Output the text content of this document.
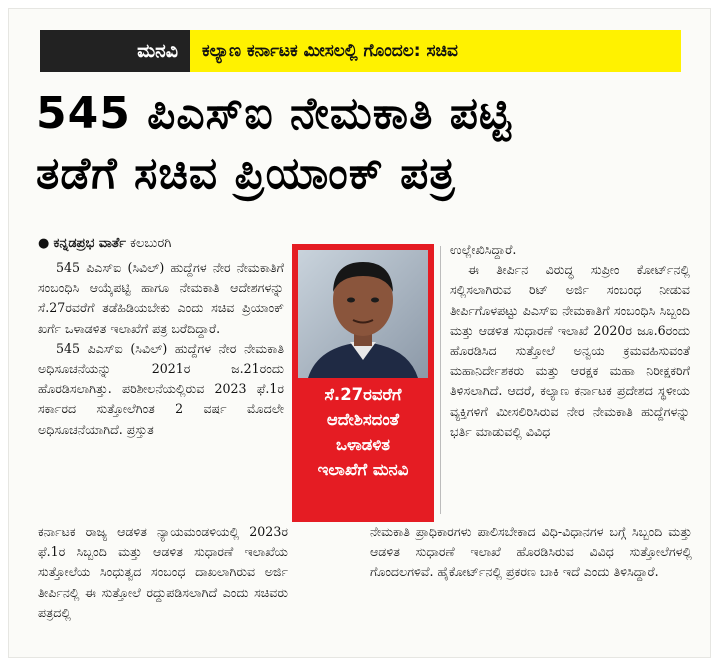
ಮನವಿ	ಕಲ್ಯಾಣ ಕರ್ನಾಟಕ ಮೀಸಲಲ್ಲಿ ಗೊಂದಲ: ಸಚಿವ
545 ಪಿಎಸ್ಐ ನೇಮಕಾತಿ ಪಟ್ಟಿ
ತಡೆಗೆ ಸಚಿವ ಪ್ರಿಯಾಂಕ್ ಪತ್ರ
● ಕನ್ನಡಪ್ರಭ ವಾರ್ತೆ ಕಲಬುರಗಿ

545 ಪಿಎಸ್ಐ (ಸಿವಿಲ್) ಹುದ್ದೆಗಳ ನೇರ ನೇಮಕಾತಿಗೆ ಸಂಬಂಧಿಸಿ ಆಯ್ಕೆಪಟ್ಟಿ ಹಾಗೂ ನೇಮಕಾತಿ ಆದೇಶಗಳನ್ನು ಸೆ.27ರವರೆಗೆ ತಡೆಹಿಡಿಯಬೇಕು ಎಂದು ಸಚಿವ ಪ್ರಿಯಾಂಕ್ ಖರ್ಗೆ ಒಳಾಡಳಿತ ಇಲಾಖೆಗೆ ಪತ್ರ ಬರೆದಿದ್ದಾರೆ.

545 ಪಿಎಸ್ಐ (ಸಿವಿಲ್) ಹುದ್ದೆಗಳ ನೇರ ನೇಮಕಾತಿ ಅಧಿಸೂಚನೆಯನ್ನು 2021ರ ಜ.21ರಂದು ಹೊರಡಿಸಲಾಗಿತ್ತು. ಪರಿಶೀಲನೆಯಲ್ಲಿರುವ 2023 ಫೆ.1ರ ಸರ್ಕಾರದ ಸುತ್ತೋಲೆಗಿಂತ 2 ವರ್ಷ ಮೊದಲೇ ಅಧಿಸೂಚನೆಯಾಗಿದೆ. ಪ್ರಸ್ತುತ

ಕರ್ನಾಟಕ ರಾಜ್ಯ ಆಡಳಿತ ನ್ಯಾಯಮಂಡಳಿಯಲ್ಲಿ 2023ರ ಫೆ.1ರ ಸಿಬ್ಬಂದಿ ಮತ್ತು ಆಡಳಿತ ಸುಧಾರಣೆ ಇಲಾಖೆಯ ಸುತ್ತೋಲೆಯ ಸಿಂಧುತ್ವದ ಸಂಬಂಧ ದಾಖಲಾಗಿರುವ ಅರ್ಜಿ ತೀರ್ಪಿನಲ್ಲಿ ಈ ಸುತ್ತೋಲೆ ರದ್ದುಪಡಿಸಲಾಗಿದೆ ಎಂದು ಸಚಿವರು ಪತ್ರದಲ್ಲಿ

ಸೆ.27ರವರೆಗೆ
ಆದೇಶಿಸದಂತೆ
ಒಳಾಡಳಿತ
ಇಲಾಖೆಗೆ ಮನವಿ

ಉಲ್ಲೇಖಿಸಿದ್ದಾರೆ.

ಈ ತೀರ್ಪಿನ ವಿರುದ್ಧ ಸುಪ್ರೀಂ ಕೋರ್ಟ್‌ನಲ್ಲಿ ಸಲ್ಲಿಸಲಾಗಿರುವ ರಿಟ್ ಅರ್ಜಿ ಸಂಬಂಧ ನೀಡುವ ತೀರ್ಪಿಗೊಳಪಟ್ಟು ಪಿಎಸ್ಐ ನೇಮಕಾತಿಗೆ ಸಂಬಂಧಿಸಿ ಸಿಬ್ಬಂದಿ ಮತ್ತು ಆಡಳಿತ ಸುಧಾರಣೆ ಇಲಾಖೆ 2020ರ ಜೂ.6ರಂದು ಹೊರಡಿಸಿದ ಸುತ್ತೋಲೆ ಅನ್ವಯ ಕ್ರಮವಹಿಸುವಂತೆ ಮಹಾನಿರ್ದೇಶಕರು ಮತ್ತು ಆರಕ್ಷಕ ಮಹಾ ನಿರೀಕ್ಷಕರಿಗೆ ತಿಳಿಸಲಾಗಿದೆ. ಆದರೆ, ಕಲ್ಯಾಣ ಕರ್ನಾಟಕ ಪ್ರದೇಶದ ಸ್ಥಳೀಯ ವ್ಯಕ್ತಿಗಳಿಗೆ ಮೀಸಲಿರಿಸಿರುವ ನೇರ ನೇಮಕಾತಿ ಹುದ್ದೆಗಳನ್ನು ಭರ್ತಿ ಮಾಡುವಲ್ಲಿ ವಿವಿಧ

ನೇಮಕಾತಿ ಪ್ರಾಧಿಕಾರಗಳು ಪಾಲಿಸಬೇಕಾದ ವಿಧಿ-ವಿಧಾನಗಳ ಬಗ್ಗೆ ಸಿಬ್ಬಂದಿ ಮತ್ತು ಆಡಳಿತ ಸುಧಾರಣೆ ಇಲಾಖೆ ಹೊರಡಿಸಿರುವ ವಿವಿಧ ಸುತ್ತೋಲೆಗಳಲ್ಲಿ ಗೊಂದಲಗಳಿವೆ. ಹೈಕೋರ್ಟ್‌ನಲ್ಲಿ ಪ್ರಕರಣ ಬಾಕಿ ಇದೆ ಎಂದು ತಿಳಿಸಿದ್ದಾರೆ.
